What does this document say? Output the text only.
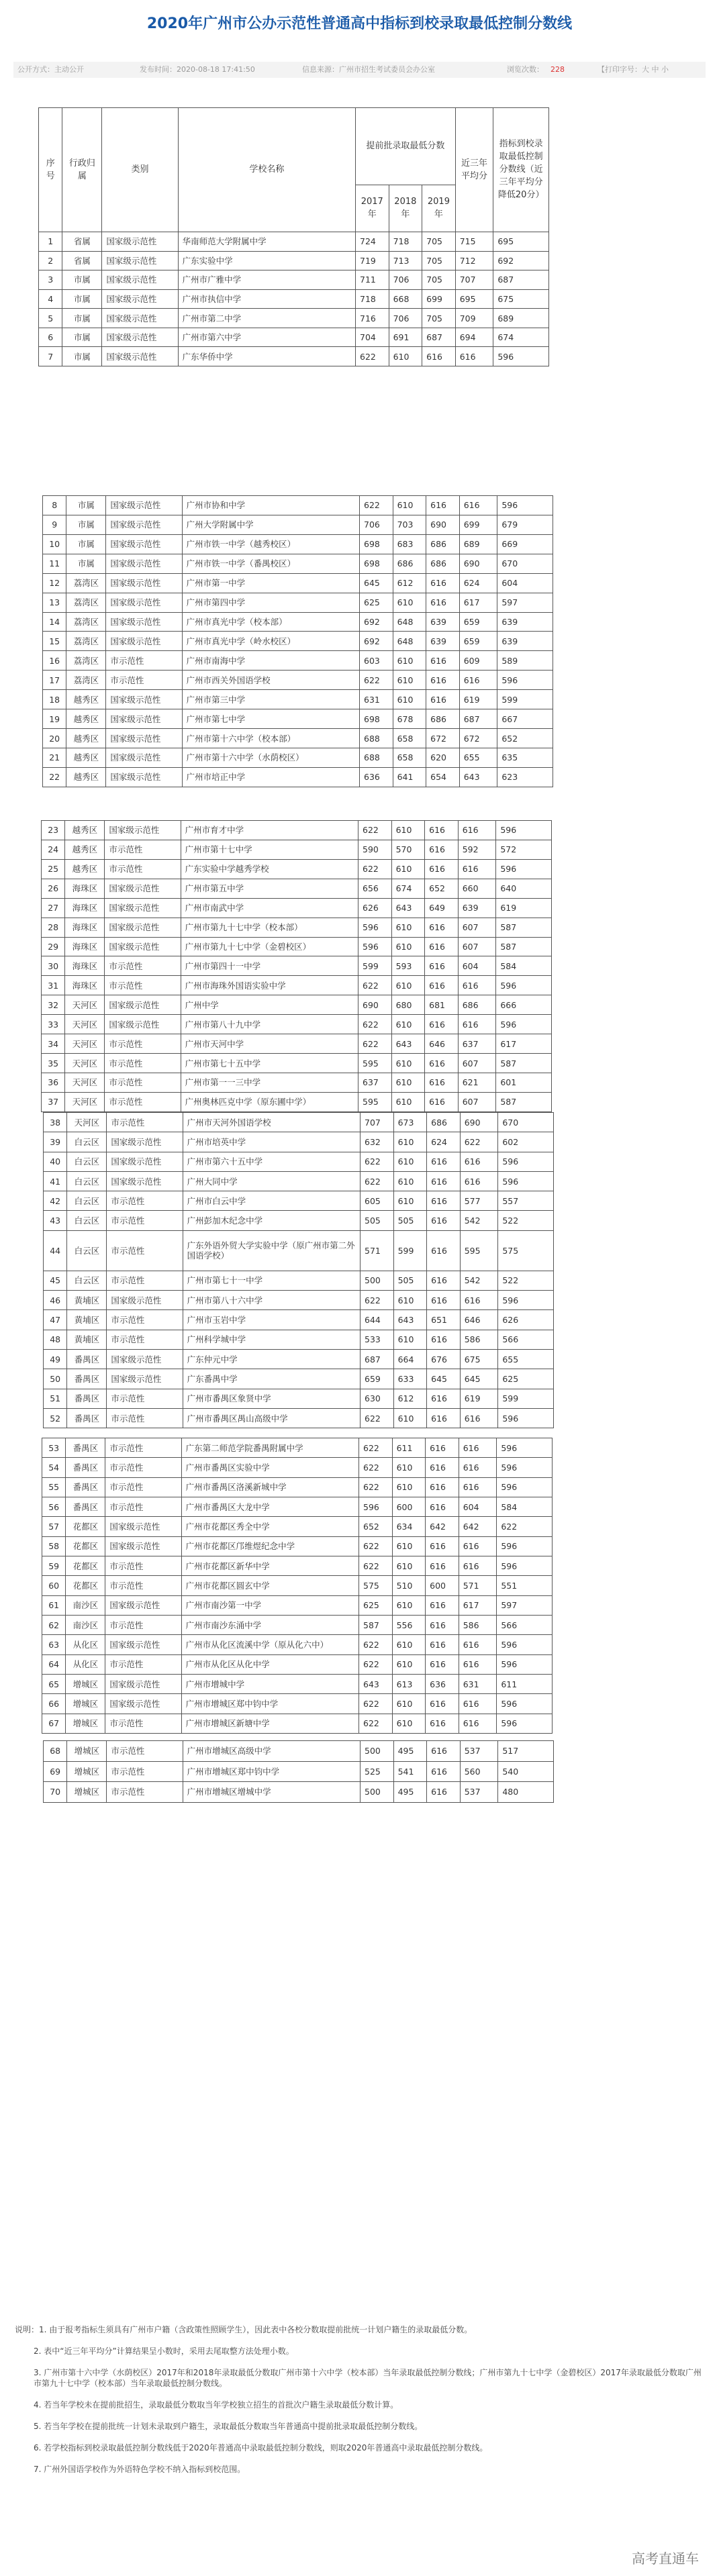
2020年广州市公办示范性普通高中指标到校录取最低控制分数线
公开方式：主动公开	发布时间：2020-08-18 17:41:50	信息来源：广州市招生考试委员会办公室	浏览次数： 228	【打印字号：大 中 小
序号	行政归属	类别	学校名称	提前批录取最低分数			近三年平均分	指标到校录取最低控制分数线（近三年平均分降低20分）
				2017年	2018年	2019年		
1	省属	国家级示范性	华南师范大学附属中学	724	718	705	715	695
2	省属	国家级示范性	广东实验中学	719	713	705	712	692
3	市属	国家级示范性	广州市广雅中学	711	706	705	707	687
4	市属	国家级示范性	广州市执信中学	718	668	699	695	675
5	市属	国家级示范性	广州市第二中学	716	706	705	709	689
6	市属	国家级示范性	广州市第六中学	704	691	687	694	674
7	市属	国家级示范性	广东华侨中学	622	610	616	616	596
8	市属	国家级示范性	广州市协和中学	622	610	616	616	596
9	市属	国家级示范性	广州大学附属中学	706	703	690	699	679
10	市属	国家级示范性	广州市铁一中学（越秀校区）	698	683	686	689	669
11	市属	国家级示范性	广州市铁一中学（番禺校区）	698	686	686	690	670
12	荔湾区	国家级示范性	广州市第一中学	645	612	616	624	604
13	荔湾区	国家级示范性	广州市第四中学	625	610	616	617	597
14	荔湾区	国家级示范性	广州市真光中学（校本部）	692	648	639	659	639
15	荔湾区	国家级示范性	广州市真光中学（岭水校区）	692	648	639	659	639
16	荔湾区	市示范性	广州市南海中学	603	610	616	609	589
17	荔湾区	市示范性	广州市西关外国语学校	622	610	616	616	596
18	越秀区	国家级示范性	广州市第三中学	631	610	616	619	599
19	越秀区	国家级示范性	广州市第七中学	698	678	686	687	667
20	越秀区	国家级示范性	广州市第十六中学（校本部）	688	658	672	672	652
21	越秀区	国家级示范性	广州市第十六中学（水荫校区）	688	658	620	655	635
22	越秀区	国家级示范性	广州市培正中学	636	641	654	643	623
23	越秀区	国家级示范性	广州市育才中学	622	610	616	616	596
24	越秀区	市示范性	广州市第十七中学	590	570	616	592	572
25	越秀区	市示范性	广东实验中学越秀学校	622	610	616	616	596
26	海珠区	国家级示范性	广州市第五中学	656	674	652	660	640
27	海珠区	国家级示范性	广州市南武中学	626	643	649	639	619
28	海珠区	国家级示范性	广州市第九十七中学（校本部）	596	610	616	607	587
29	海珠区	国家级示范性	广州市第九十七中学（金碧校区）	596	610	616	607	587
30	海珠区	市示范性	广州市第四十一中学	599	593	616	604	584
31	海珠区	市示范性	广州市海珠外国语实验中学	622	610	616	616	596
32	天河区	国家级示范性	广州中学	690	680	681	686	666
33	天河区	国家级示范性	广州市第八十九中学	622	610	616	616	596
34	天河区	市示范性	广州市天河中学	622	643	646	637	617
35	天河区	市示范性	广州市第七十五中学	595	610	616	607	587
36	天河区	市示范性	广州市第一一三中学	637	610	616	621	601
37	天河区	市示范性	广州奥林匹克中学（原东圃中学）	595	610	616	607	587
38	天河区	市示范性	广州市天河外国语学校	707	673	686	690	670
39	白云区	国家级示范性	广州市培英中学	632	610	624	622	602
40	白云区	国家级示范性	广州市第六十五中学	622	610	616	616	596
41	白云区	国家级示范性	广州大同中学	622	610	616	616	596
42	白云区	市示范性	广州市白云中学	605	610	616	577	557
43	白云区	市示范性	广州彭加木纪念中学	505	505	616	542	522
44	白云区	市示范性	广东外语外贸大学实验中学（原广州市第二外国语学校）	571	599	616	595	575
45	白云区	市示范性	广州市第七十一中学	500	505	616	542	522
46	黄埔区	国家级示范性	广州市第八十六中学	622	610	616	616	596
47	黄埔区	市示范性	广州市玉岩中学	644	643	651	646	626
48	黄埔区	市示范性	广州科学城中学	533	610	616	586	566
49	番禺区	国家级示范性	广东仲元中学	687	664	676	675	655
50	番禺区	国家级示范性	广东番禺中学	659	633	645	645	625
51	番禺区	市示范性	广州市番禺区象贤中学	630	612	616	619	599
52	番禺区	市示范性	广州市番禺区禺山高级中学	622	610	616	616	596
53	番禺区	市示范性	广东第二师范学院番禺附属中学	622	611	616	616	596
54	番禺区	市示范性	广州市番禺区实验中学	622	610	616	616	596
55	番禺区	市示范性	广州市番禺区洛溪新城中学	622	610	616	616	596
56	番禺区	市示范性	广州市番禺区大龙中学	596	600	616	604	584
57	花都区	国家级示范性	广州市花都区秀全中学	652	634	642	642	622
58	花都区	国家级示范性	广州市花都区邝维煜纪念中学	622	610	616	616	596
59	花都区	市示范性	广州市花都区新华中学	622	610	616	616	596
60	花都区	市示范性	广州市花都区圆玄中学	575	510	600	571	551
61	南沙区	国家级示范性	广州市南沙第一中学	625	610	616	617	597
62	南沙区	市示范性	广州市南沙东涌中学	587	556	616	586	566
63	从化区	国家级示范性	广州市从化区流溪中学（原从化六中）	622	610	616	616	596
64	从化区	市示范性	广州市从化区从化中学	622	610	616	616	596
65	增城区	国家级示范性	广州市增城中学	643	613	636	631	611
66	增城区	国家级示范性	广州市增城区郑中钧中学	622	610	616	616	596
67	增城区	市示范性	广州市增城区新塘中学	622	610	616	616	596
68	增城区	市示范性	广州市增城区高级中学	500	495	616	537	517
69	增城区	市示范性	广州市增城区郑中钧中学	525	541	616	560	540
70	增城区	市示范性	广州市增城区增城中学	500	495	616	537	480

说明：1. 由于报考指标生须具有广州市户籍（含政策性照顾学生），因此表中各校分数取提前批统一计划户籍生的录取最低分数。

2. 表中“近三年平均分”计算结果呈小数时，采用去尾取整方法处理小数。

3. 广州市第十六中学（水荫校区）2017年和2018年录取最低分数取广州市第十六中学（校本部）当年录取最低控制分数线；广州市第九十七中学（金碧校区）2017年录取最低分数取广州市第九十七中学（校本部）当年录取最低控制分数线。

4. 若当年学校未在提前批招生，录取最低分数取当年学校独立招生的首批次户籍生录取最低分数计算。

5. 若当年学校在提前批统一计划未录取到户籍生，录取最低分数取当年普通高中提前批录取最低控制分数线。

6. 若学校指标到校录取最低控制分数线低于2020年普通高中录取最低控制分数线，则取2020年普通高中录取最低控制分数线。

7. 广州外国语学校作为外语特色学校不纳入指标到校范围。

高考直通车
